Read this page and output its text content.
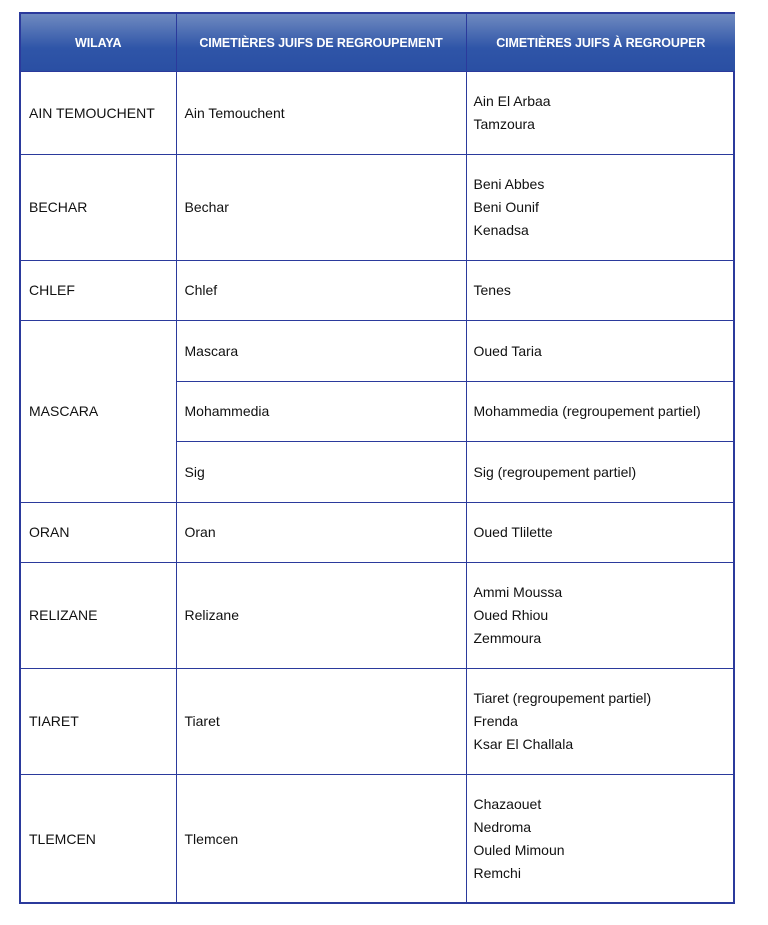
WILAYA	CIMETIÈRES JUIFS DE REGROUPEMENT	CIMETIÈRES JUIFS À REGROUPER
AIN TEMOUCHENT	Ain Temouchent	Ain El Arbaa
Tamzoura

BECHAR	Bechar	Beni Abbes
Beni Ounif
Kenadsa

CHLEF	Chlef	Tenes

MASCARA	Mascara	Oued Taria

	Mohammedia	Mohammedia (regroupement partiel)

	Sig	Sig (regroupement partiel)

ORAN	Oran	Oued Tlilette

RELIZANE	Relizane	Ammi Moussa
Oued Rhiou
Zemmoura

TIARET	Tiaret	Tiaret (regroupement partiel)
Frenda
Ksar El Challala

TLEMCEN	Tlemcen	Chazaouet
Nedroma
Ouled Mimoun
Remchi
